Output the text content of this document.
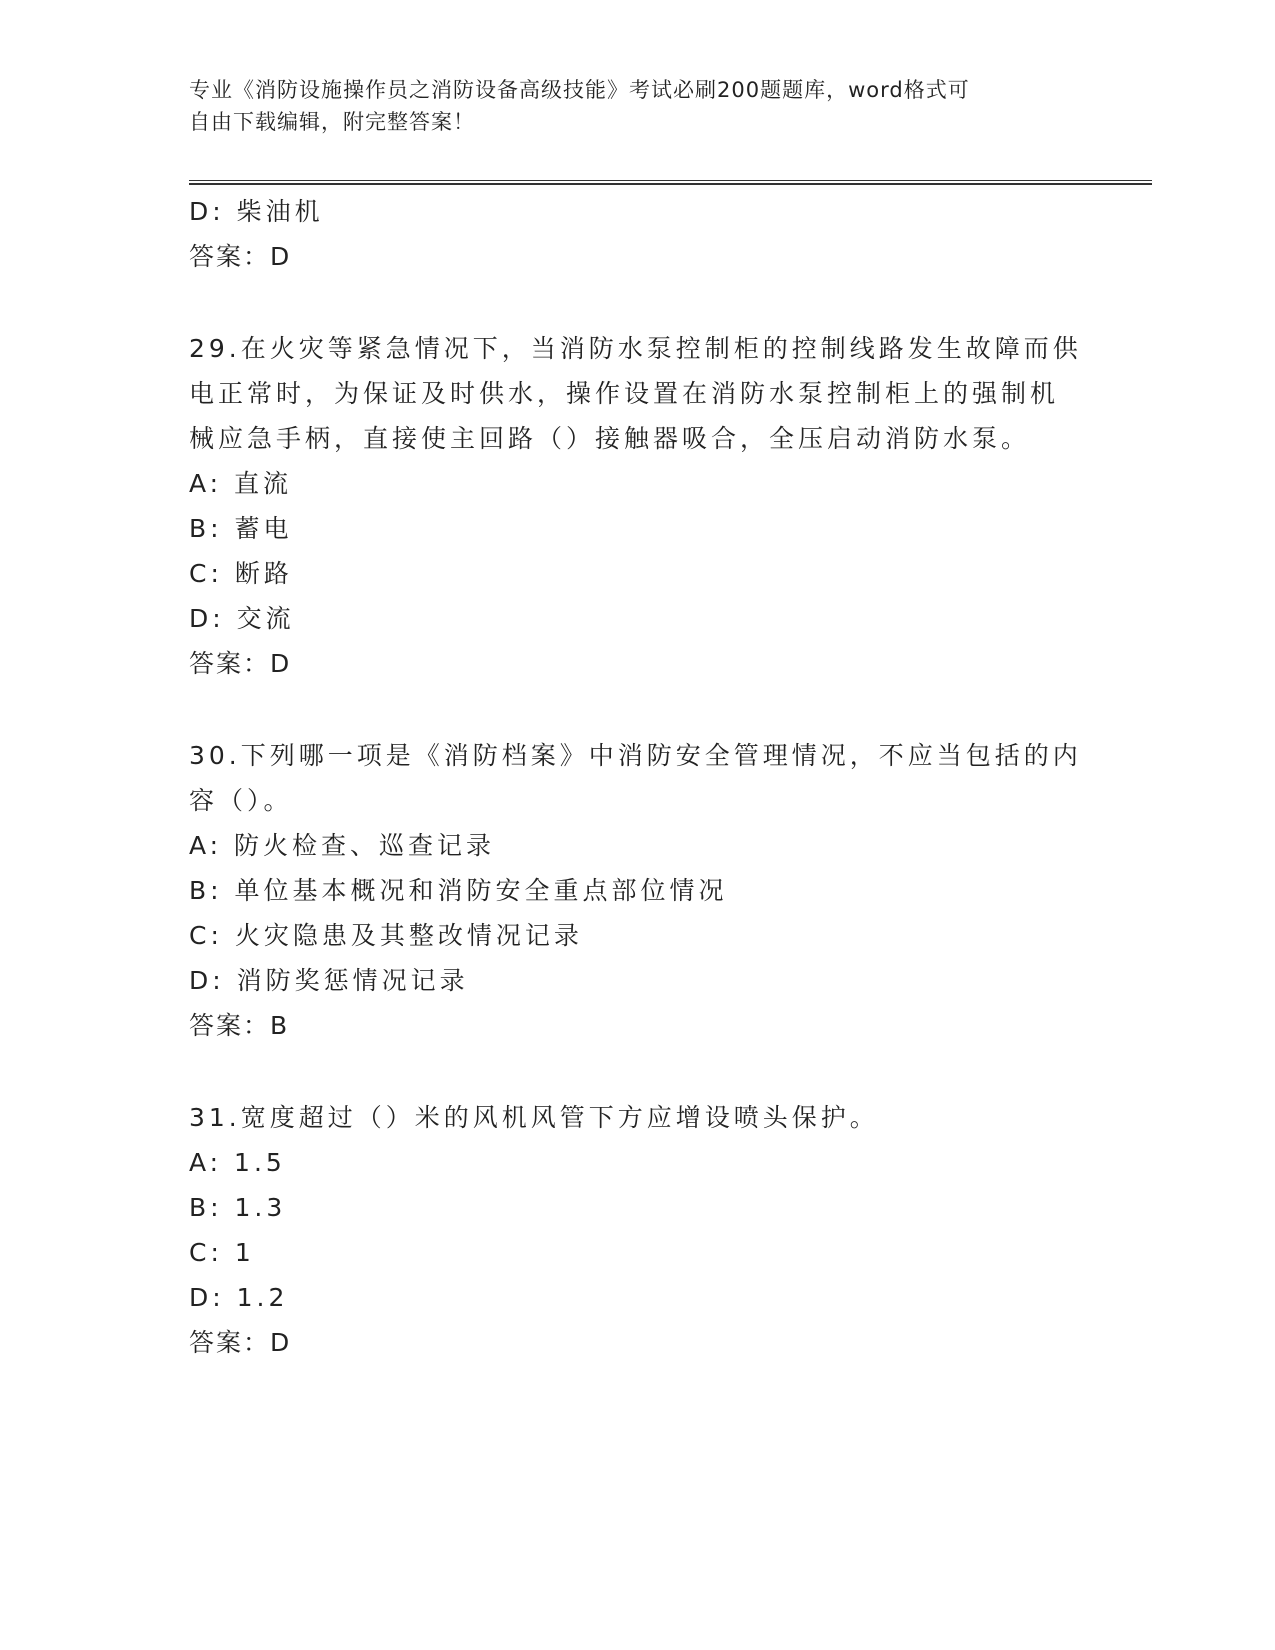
专业《消防设施操作员之消防设备高级技能》考试必刷200题题库，word格式可
自由下载编辑，附完整答案！
D: 柴油机
答案：D
29.在火灾等紧急情况下，当消防水泵控制柜的控制线路发生故障而供
电正常时，为保证及时供水，操作设置在消防水泵控制柜上的强制机
械应急手柄，直接使主回路（）接触器吸合，全压启动消防水泵。
A: 直流
B: 蓄电
C: 断路
D: 交流
答案：D
30.下列哪一项是《消防档案》中消防安全管理情况，不应当包括的内
容（）。
A: 防火检查、巡查记录
B: 单位基本概况和消防安全重点部位情况
C: 火灾隐患及其整改情况记录
D: 消防奖惩情况记录
答案：B
31.宽度超过（）米的风机风管下方应增设喷头保护。
A: 1.5
B: 1.3
C: 1
D: 1.2
答案：D
